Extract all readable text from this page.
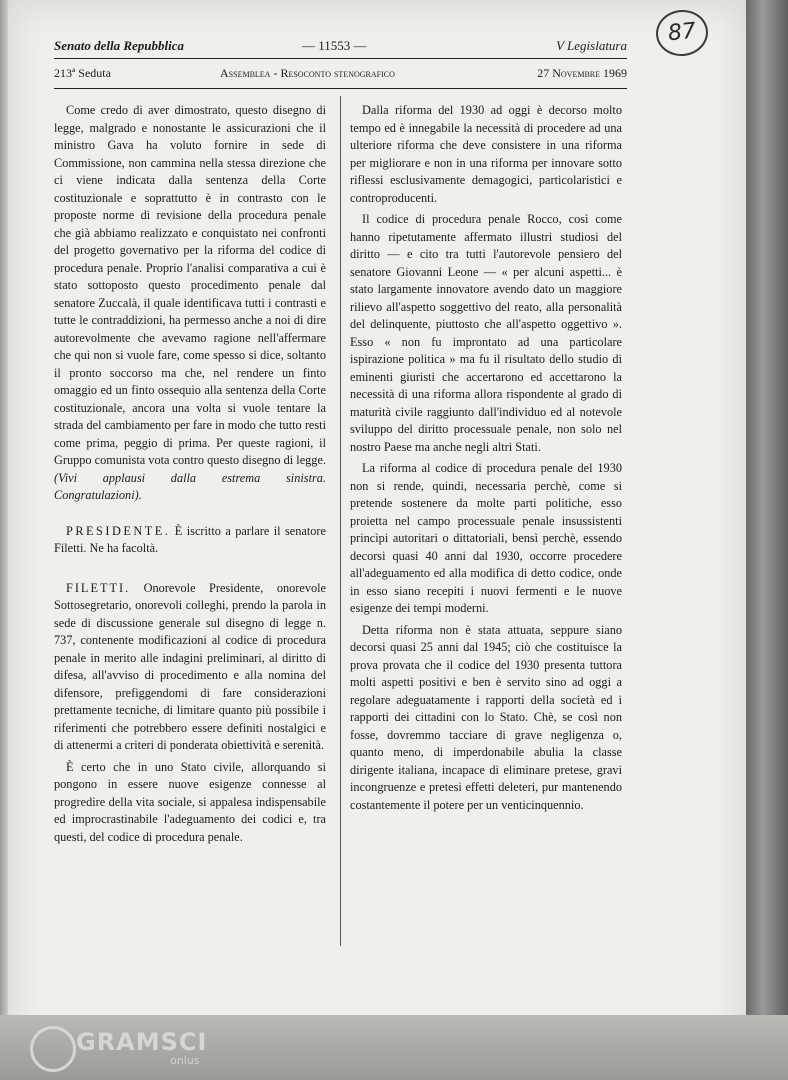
87
Senato della Repubblica	— 11553 —	V Legislatura
213ª Seduta	Assemblea - Resoconto stenografico	27 Novembre 1969

Come credo di aver dimostrato, questo disegno di legge, malgrado e nonostante le assicurazioni che il ministro Gava ha voluto fornire in sede di Commissione, non cammina nella stessa direzione che ci viene indicata dalla sentenza della Corte costituzionale e soprattutto è in contrasto con le proposte norme di revisione della procedura penale che già abbiamo realizzato e conquistato nei confronti del progetto governativo per la riforma del codice di procedura penale. Proprio l'analisi comparativa a cui è stato sottoposto questo procedimento penale dal senatore Zuccalà, il quale identificava tutti i contrasti e tutte le contraddizioni, ha permesso anche a noi di dire autorevolmente che avevamo ragione nell'affermare che qui non si vuole fare, come spesso si dice, soltanto il pronto soccorso ma che, nel rendere un finto omaggio ed un finto ossequio alla sentenza della Corte costituzionale, ancora una volta si vuole tentare la strada del cambiamento per fare in modo che tutto resti come prima, peggio di prima. Per queste ragioni, il Gruppo comunista vota contro questo disegno di legge. (Vivi applausi dalla estrema sinistra. Congratulazioni).

PRESIDENTE. È iscritto a parlare il senatore Filetti. Ne ha facoltà.

FILETTI. Onorevole Presidente, onorevole Sottosegretario, onorevoli colleghi, prendo la parola in sede di discussione generale sul disegno di legge n. 737, contenente modificazioni al codice di procedura penale in merito alle indagini preliminari, al diritto di difesa, all'avviso di procedimento e alla nomina del difensore, prefiggendomi di fare considerazioni prettamente tecniche, di limitare quanto più possibile i riferimenti che potrebbero essere definiti nostalgici e di attenermi a criteri di ponderata obiettività e serenità.

È certo che in uno Stato civile, allorquando si pongono in essere nuove esigenze connesse al progredire della vita sociale, si appalesa indispensabile ed improcrastinabile l'adeguamento dei codici e, tra questi, del codice di procedura penale.

Dalla riforma del 1930 ad oggi è decorso molto tempo ed è innegabile la necessità di procedere ad una ulteriore riforma che deve consistere in una riforma per migliorare e non in una riforma per innovare sotto riflessi esclusivamente demagogici, particolaristici e controproducenti.

Il codice di procedura penale Rocco, così come hanno ripetutamente affermato illustri studiosi del diritto — e cito tra tutti l'autorevole pensiero del senatore Giovanni Leone — « per alcuni aspetti... è stato largamente innovatore avendo dato un maggiore rilievo all'aspetto soggettivo del reato, alla personalità del delinquente, piuttosto che all'aspetto oggettivo ». Esso « non fu improntato ad una particolare ispirazione politica » ma fu il risultato dello studio di eminenti giuristi che accertarono ed accettarono la necessità di una riforma allora rispondente al grado di maturità civile raggiunto dall'individuo ed al notevole sviluppo del diritto processuale penale, non solo nel nostro Paese ma anche negli altri Stati.

La riforma al codice di procedura penale del 1930 non si rende, quindi, necessaria perchè, come si pretende sostenere da molte parti politiche, esso proietta nel campo processuale penale insussistenti princìpi autoritari o dittatoriali, bensì perchè, essendo decorsi quasi 40 anni dal 1930, occorre procedere all'adeguamento ed alla modifica di detto codice, onde in esso siano recepiti i nuovi fermenti e le nuove esigenze dei tempi moderni.

Detta riforma non è stata attuata, seppure siano decorsi quasi 25 anni dal 1945; ciò che costituisce la prova provata che il codice del 1930 presenta tuttora molti aspetti positivi e ben è servito sino ad oggi a regolare adeguatamente i rapporti della società ed i rapporti dei cittadini con lo Stato. Chè, se così non fosse, dovremmo tacciare di grave negligenza o, quanto meno, di imperdonabile abulia la classe dirigente italiana, incapace di eliminare pretese, gravi incongruenze e pretesi effetti deleteri, pur mantenendo costantemente il potere per un venticinquennio.

GRAMSCI
onlus
